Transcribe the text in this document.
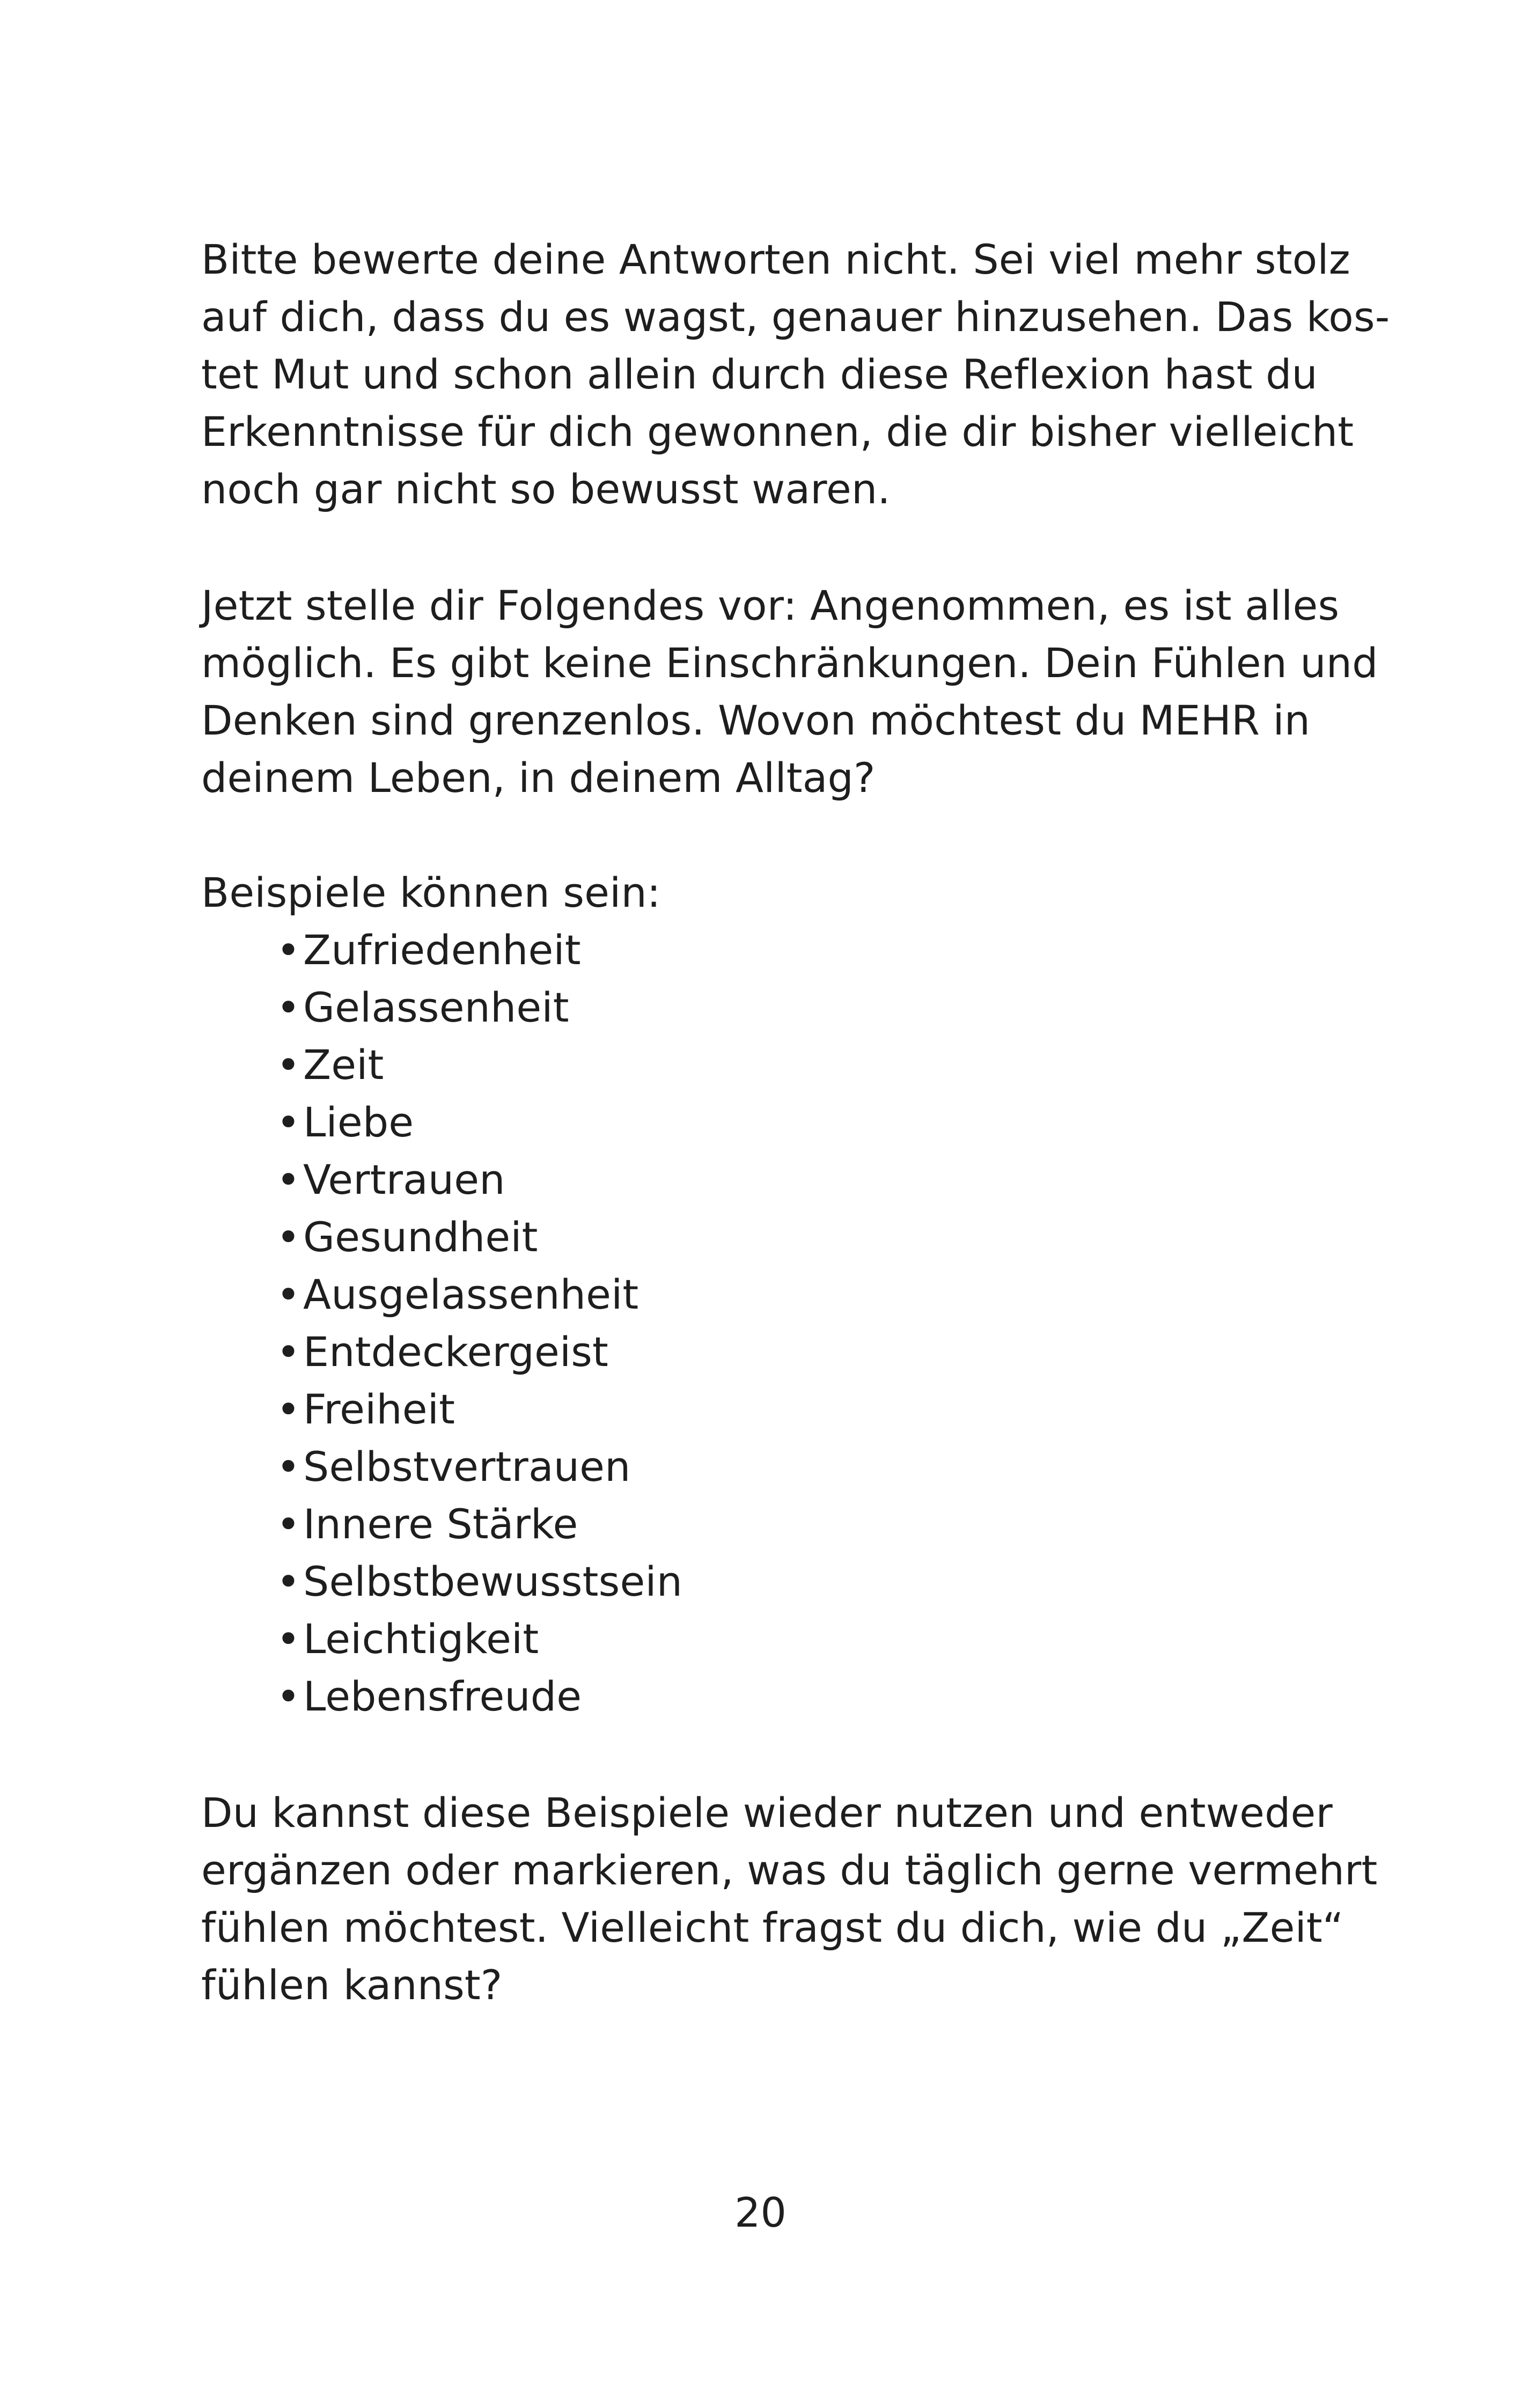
Bitte bewerte deine Antworten nicht. Sei viel mehr stolz
auf dich, dass du es wagst, genauer hinzusehen. Das kos-
tet Mut und schon allein durch diese Reflexion hast du
Erkenntnisse für dich gewonnen, die dir bisher vielleicht
noch gar nicht so bewusst waren.
Jetzt stelle dir Folgendes vor: Angenommen, es ist alles
möglich. Es gibt keine Einschränkungen. Dein Fühlen und
Denken sind grenzenlos. Wovon möchtest du MEHR in
deinem Leben, in deinem Alltag?
Beispiele können sein:
•Zufriedenheit
•Gelassenheit
•Zeit
•Liebe
•Vertrauen
•Gesundheit
•Ausgelassenheit
•Entdeckergeist
•Freiheit
•Selbstvertrauen
•Innere Stärke
•Selbstbewusstsein
•Leichtigkeit
•Lebensfreude
Du kannst diese Beispiele wieder nutzen und entweder
ergänzen oder markieren, was du täglich gerne vermehrt
fühlen möchtest. Vielleicht fragst du dich, wie du „Zeit“
fühlen kannst?
20
